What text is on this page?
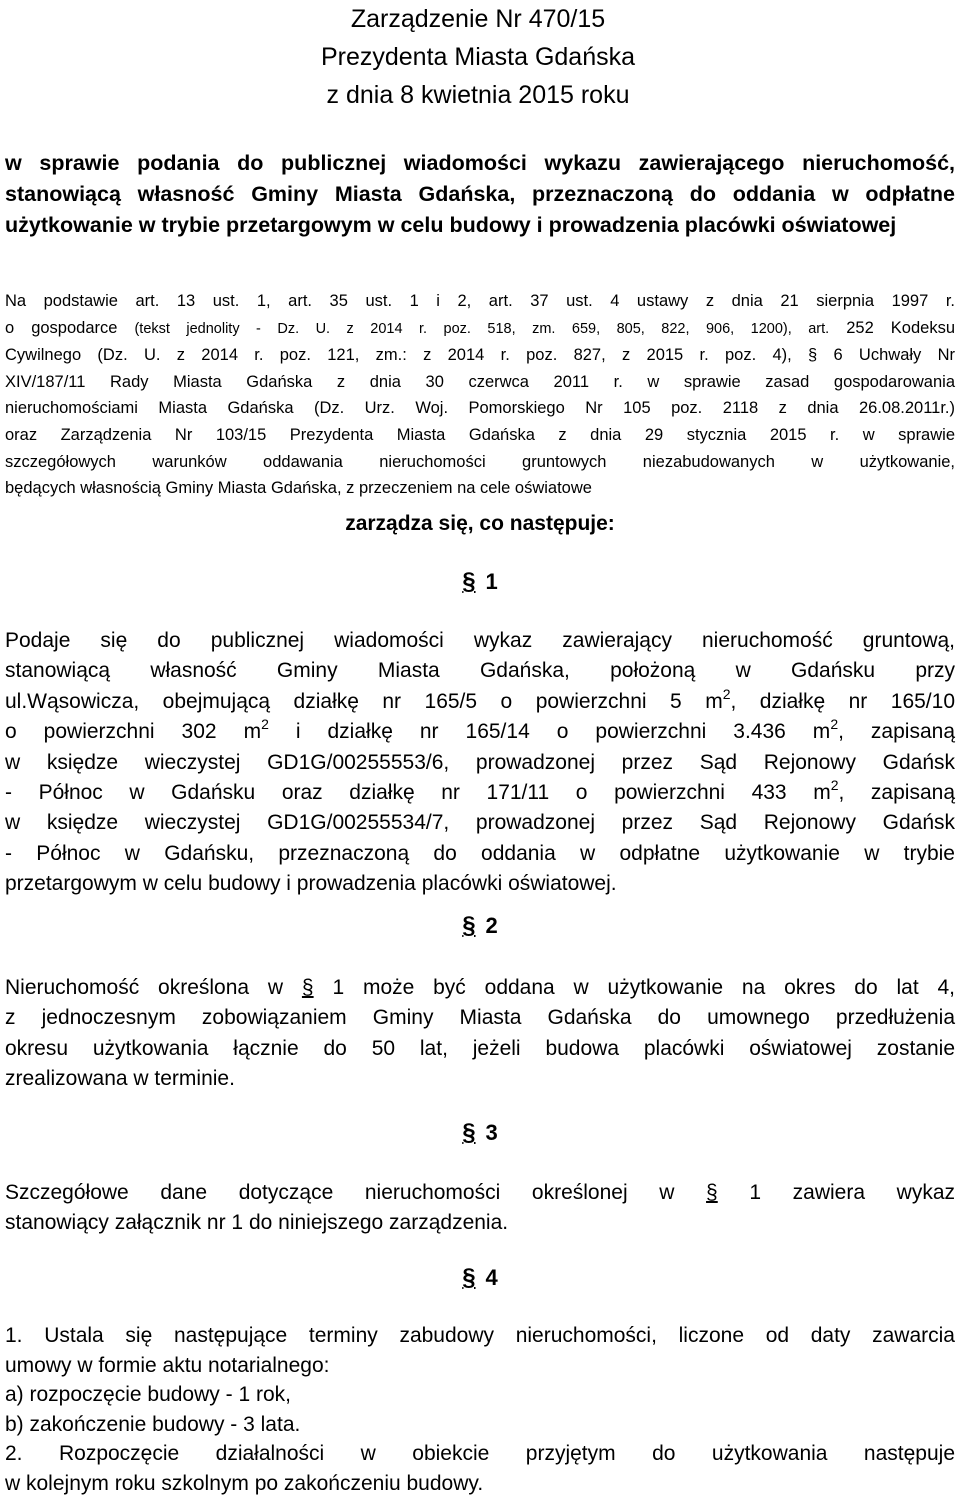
Zarządzenie Nr 470/15

Prezydenta Miasta Gdańska

z dnia 8 kwietnia 2015 roku

w sprawie podania do publicznej wiadomości wykazu zawierającego nieruchomość, stanowiącą własność Gminy Miasta Gdańska, przeznaczoną do oddania w odpłatne użytkowanie w trybie przetargowym w celu budowy i prowadzenia placówki oświatowej

Na podstawie art. 13 ust. 1, art. 35 ust. 1 i 2, art. 37 ust. 4 ustawy z dnia 21 sierpnia 1997 r.

o gospodarce (tekst jednolity - Dz. U. z 2014 r. poz. 518, zm. 659, 805, 822, 906, 1200), art. 252 Kodeksu

Cywilnego (Dz. U. z 2014 r. poz. 121, zm.: z 2014 r. poz. 827, z 2015 r. poz. 4), § 6 Uchwały Nr

XIV/187/11 Rady Miasta Gdańska z dnia 30 czerwca 2011 r. w sprawie zasad gospodarowania

nieruchomościami Miasta Gdańska (Dz. Urz. Woj. Pomorskiego Nr 105 poz. 2118 z dnia 26.08.2011r.)

oraz Zarządzenia Nr 103/15 Prezydenta Miasta Gdańska z dnia 29 stycznia 2015 r. w sprawie

szczegółowych warunków oddawania nieruchomości gruntowych niezabudowanych w użytkowanie,

będących własnością Gminy Miasta Gdańska, z przeczeniem na cele oświatowe

zarządza się, co następuje:

§ 1

Podaje się do publicznej wiadomości wykaz zawierający nieruchomość gruntową,

stanowiącą własność Gminy Miasta Gdańska, położoną w Gdańsku przy

ul.Wąsowicza, obejmującą działkę nr 165/5 o powierzchni 5 $m^2$, działkę nr 165/10

o powierzchni 302 $m^2$ i działkę nr 165/14 o powierzchni 3.436 $m^2$, zapisaną

w księdze wieczystej GD1G/00255553/6, prowadzonej przez Sąd Rejonowy Gdańsk

- Północ w Gdańsku oraz działkę nr 171/11 o powierzchni 433 $m^2$, zapisaną

w księdze wieczystej GD1G/00255534/7, prowadzonej przez Sąd Rejonowy Gdańsk

- Północ w Gdańsku, przeznaczoną do oddania w odpłatne użytkowanie w trybie

przetargowym w celu budowy i prowadzenia placówki oświatowej.

§ 2

Nieruchomość określona w § 1 może być oddana w użytkowanie na okres do lat 4,

z jednoczesnym zobowiązaniem Gminy Miasta Gdańska do umownego przedłużenia

okresu użytkowania łącznie do 50 lat, jeżeli budowa placówki oświatowej zostanie

zrealizowana w terminie.

§ 3

Szczegółowe dane dotyczące nieruchomości określonej w § 1 zawiera wykaz

stanowiący załącznik nr 1 do niniejszego zarządzenia.

§ 4

1. Ustala się następujące terminy zabudowy nieruchomości, liczone od daty zawarcia

umowy w formie aktu notarialnego:

a) rozpoczęcie budowy - 1 rok,

b) zakończenie budowy - 3 lata.

2. Rozpoczęcie działalności w obiekcie przyjętym do użytkowania następuje

w kolejnym roku szkolnym po zakończeniu budowy.
